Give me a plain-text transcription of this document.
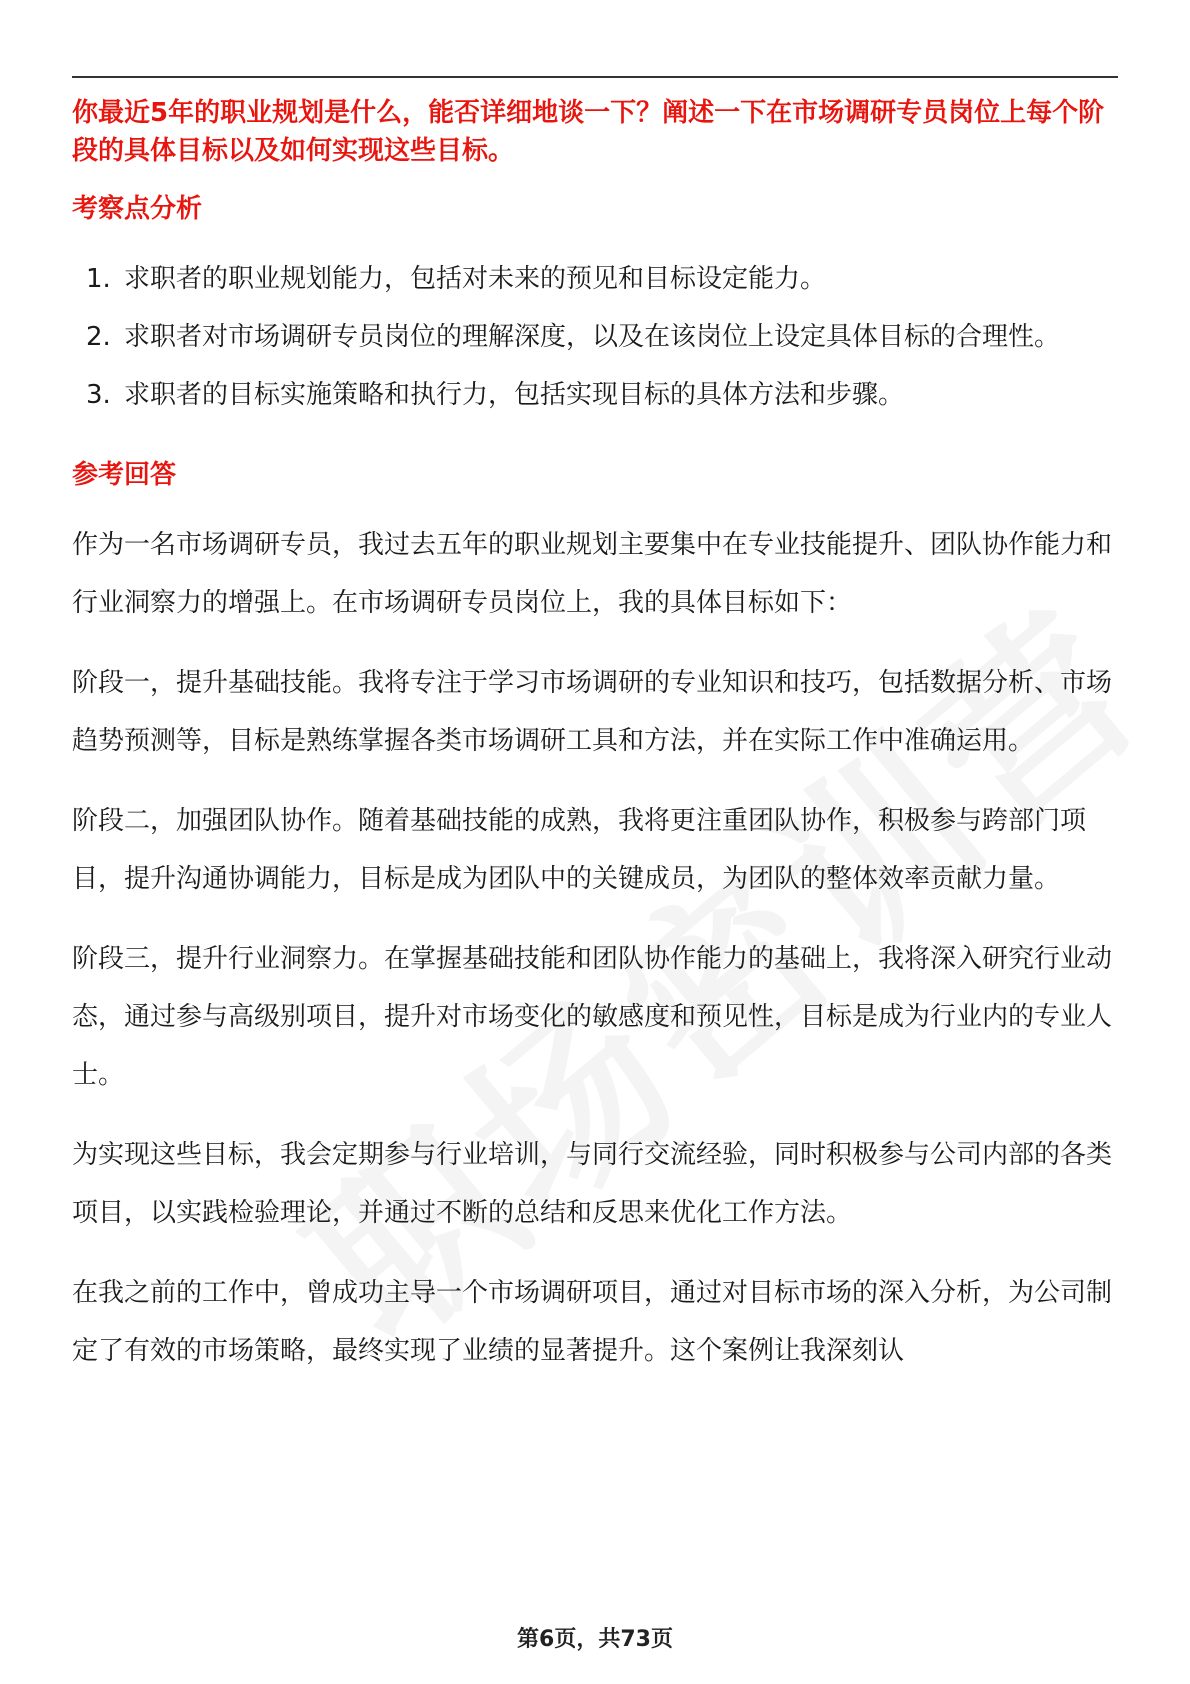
你最近5年的职业规划是什么，能否详细地谈一下？阐述一下在市场调研专员岗位上每个阶段的具体目标以及如何实现这些目标。

考察点分析

1. 求职者的职业规划能力，包括对未来的预见和目标设定能力。
2. 求职者对市场调研专员岗位的理解深度，以及在该岗位上设定具体目标的合理性。
3. 求职者的目标实施策略和执行力，包括实现目标的具体方法和步骤。

参考回答

作为一名市场调研专员，我过去五年的职业规划主要集中在专业技能提升、团队协作能力和行业洞察力的增强上。在市场调研专员岗位上，我的具体目标如下：

阶段一，提升基础技能。我将专注于学习市场调研的专业知识和技巧，包括数据分析、市场趋势预测等，目标是熟练掌握各类市场调研工具和方法，并在实际工作中准确运用。

阶段二，加强团队协作。随着基础技能的成熟，我将更注重团队协作，积极参与跨部门项目，提升沟通协调能力，目标是成为团队中的关键成员，为团队的整体效率贡献力量。

阶段三，提升行业洞察力。在掌握基础技能和团队协作能力的基础上，我将深入研究行业动态，通过参与高级别项目，提升对市场变化的敏感度和预见性，目标是成为行业内的专业人士。

为实现这些目标，我会定期参与行业培训，与同行交流经验，同时积极参与公司内部的各类项目，以实践检验理论，并通过不断的总结和反思来优化工作方法。

在我之前的工作中，曾成功主导一个市场调研项目，通过对目标市场的深入分析，为公司制定了有效的市场策略，最终实现了业绩的显著提升。这个案例让我深刻认

第6页，共73页
